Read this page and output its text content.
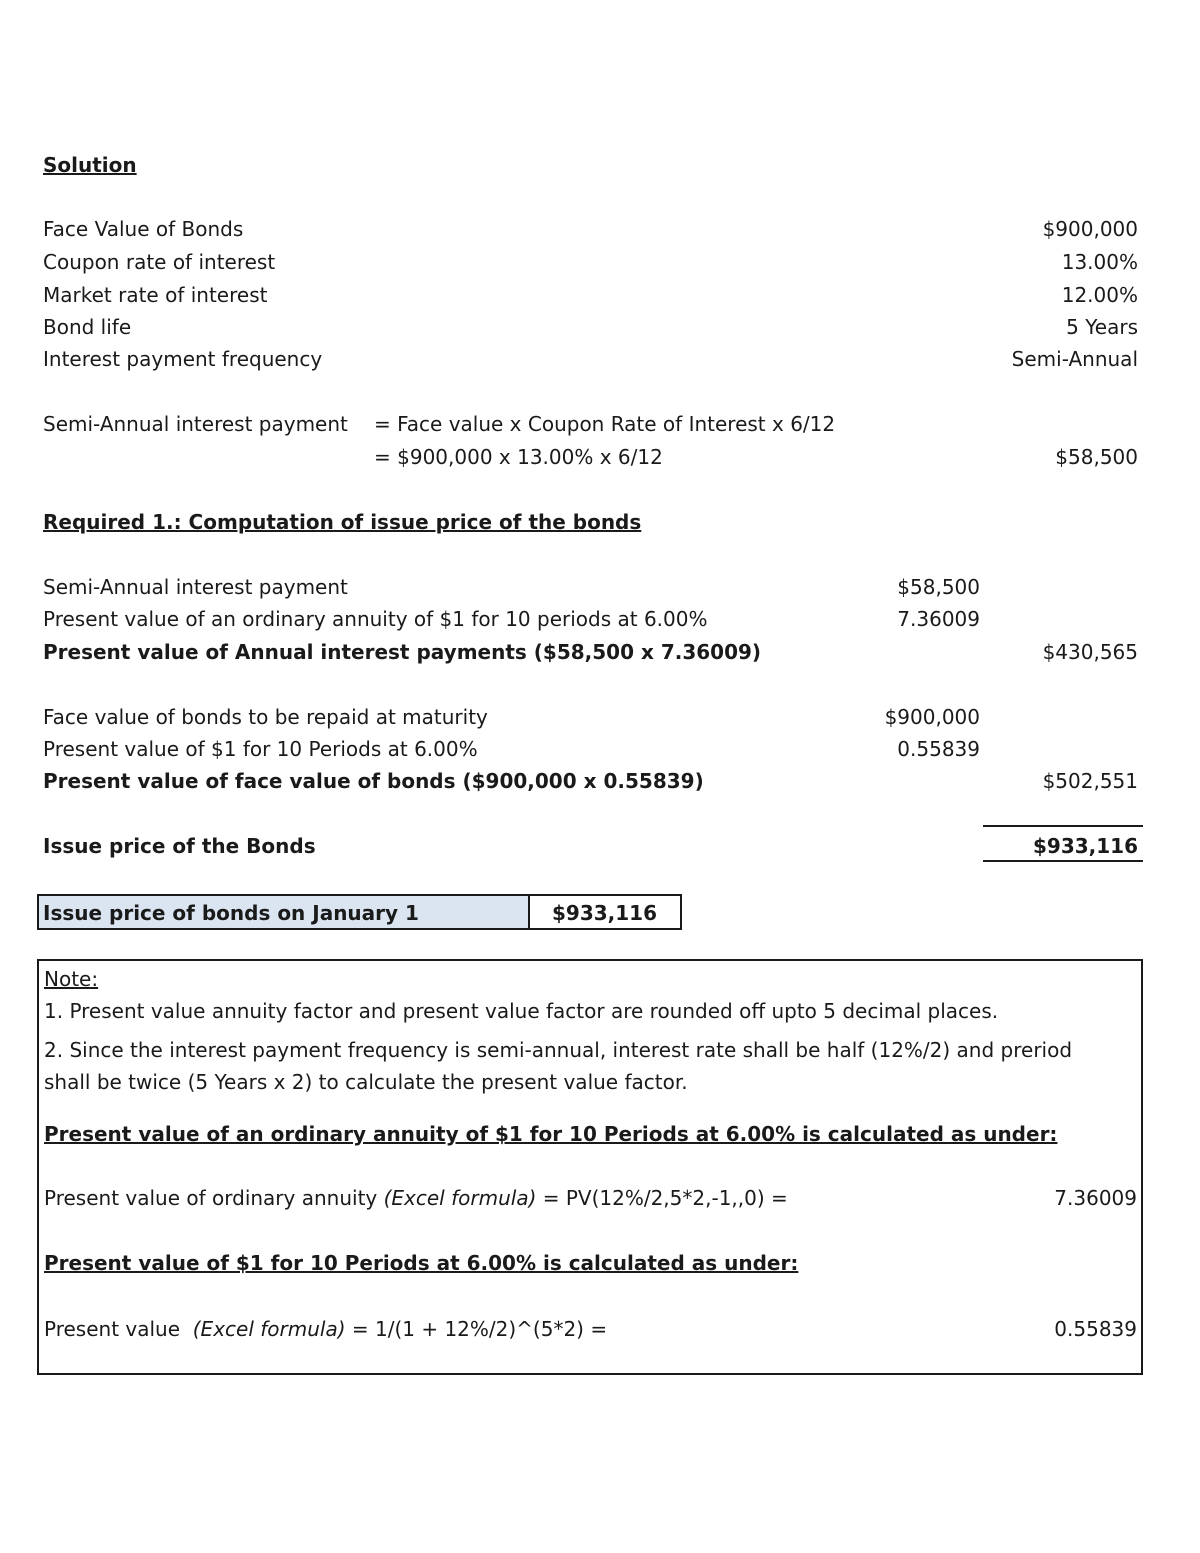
Solution
Face Value of Bonds	$900,000
Coupon rate of interest	13.00%
Market rate of interest	12.00%
Bond life	5 Years
Interest payment frequency	Semi-Annual
Semi-Annual interest payment = Face value x Coupon Rate of Interest x 6/12
= $900,000 x 13.00% x 6/12	$58,500
Required 1.: Computation of issue price of the bonds
Semi-Annual interest payment	$58,500
Present value of an ordinary annuity of $1 for 10 periods at 6.00%	7.36009
Present value of Annual interest payments ($58,500 x 7.36009)	$430,565
Face value of bonds to be repaid at maturity	$900,000
Present value of $1 for 10 Periods at 6.00%	0.55839
Present value of face value of bonds ($900,000 x 0.55839)	$502,551
Issue price of the Bonds	$933,116
Issue price of bonds on January 1	$933,116
Note:
1. Present value annuity factor and present value factor are rounded off upto 5 decimal places.
2. Since the interest payment frequency is semi-annual, interest rate shall be half (12%/2) and preriod
shall be twice (5 Years x 2) to calculate the present value factor.
Present value of an ordinary annuity of $1 for 10 Periods at 6.00% is calculated as under:
Present value of ordinary annuity (Excel formula) = PV(12%/2,5*2,-1,,0) =	7.36009
Present value of $1 for 10 Periods at 6.00% is calculated as under:
Present value (Excel formula) = 1/(1 + 12%/2)^(5*2) =	0.55839
